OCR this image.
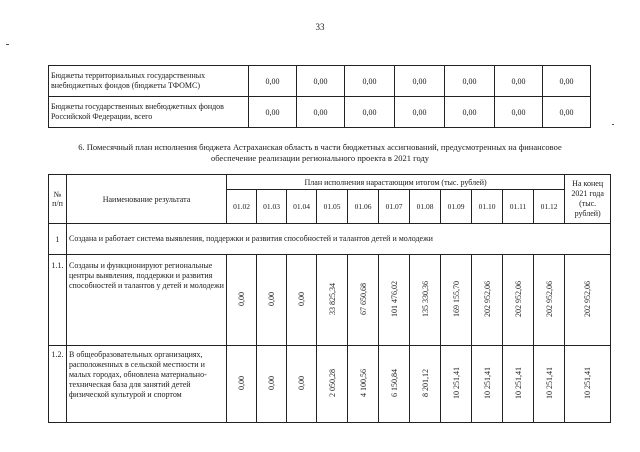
33
Бюджеты территориальных государственных внебюджетных фондов (бюджеты ТФОМС)	0,00	0,00	0,00	0,00	0,00	0,00	0,00
Бюджеты государственных внебюджетных фондов Российской Федерации, всего	0,00	0,00	0,00	0,00	0,00	0,00	0,00
6. Помесячный план исполнения бюджета Астраханская область в части бюджетных ассигнований, предусмотренных на финансовое обеспечение реализации регионального проекта в 2021 году
№ п/п	Наименование результата	План исполнения нарастающим итогом (тыс. рублей)											На конец 2021 года (тыс. рублей)
		01.02	01.03	01.04	01.05	01.06	01.07	01.08	01.09	01.10	01.11	01.12	
1	Создана и работает система выявления, поддержки и развития способностей и талантов детей и молодежи												
1.1.	Созданы и функционируют региональные центры выявления, поддержки и развития способностей и талантов у детей и молодежи	0,00	0,00	0,00	33 825,34	67 650,68	101 476,02	135 330,36	169 155,70	202 952,06	202 952,06	202 952,06	202 952,06
1.2.	В общеобразовательных организациях, расположенных в сельской местности и малых городах, обновлена материально-техническая база для занятий детей физической культурой и спортом	0,00	0,00	0,00	2 050,28	4 100,56	6 150,84	8 201,12	10 251,41	10 251,41	10 251,41	10 251,41	10 251,41
